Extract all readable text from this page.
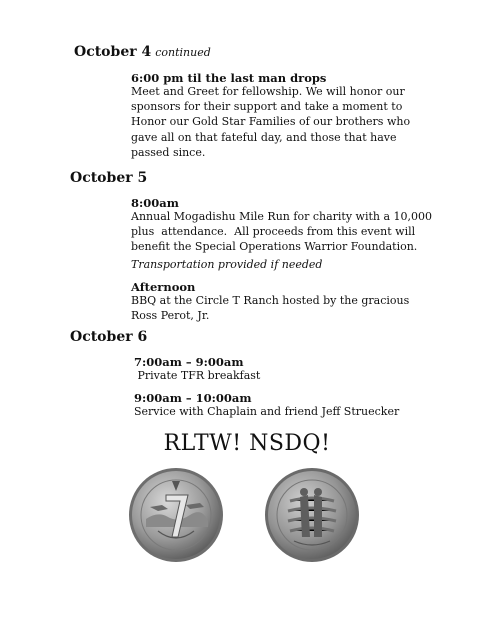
October 4 continued
6:00 pm til the last man drops
Meet and Greet for fellowship. We will honor our
sponsors for their support and take a moment to
Honor our Gold Star Families of our brothers who
gave all on that fateful day, and those that have
passed since.
October 5
8:00am
Annual Mogadishu Mile Run for charity with a 10,000
plus  attendance.  All proceeds from this event will
benefit the Special Operations Warrior Foundation.
Transportation provided if needed
Afternoon
BBQ at the Circle T Ranch hosted by the gracious
Ross Perot, Jr.
October 6
7:00am – 9:00am
Private TFR breakfast
9:00am – 10:00am
Service with Chaplain and friend Jeff Struecker
RLTW! NSDQ!
